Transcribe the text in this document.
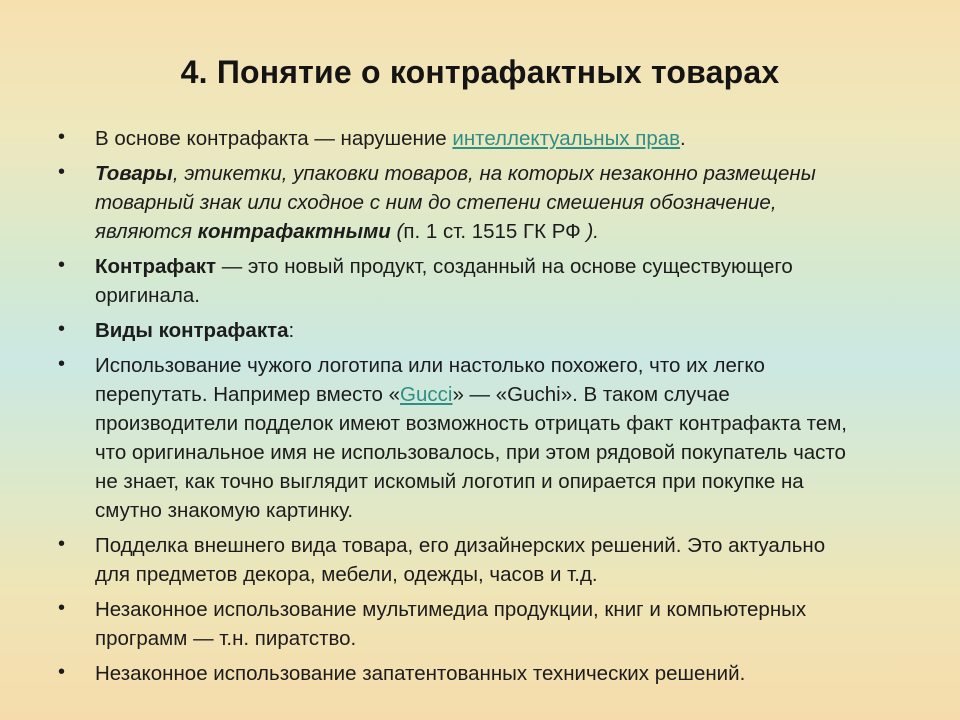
4. Понятие о контрафактных товарах
• В основе контрафакта — нарушение интеллектуальных прав.
• Товары, этикетки, упаковки товаров, на которых незаконно размещены товарный знак или сходное с ним до степени смешения обозначение, являются контрафактными (п. 1 ст. 1515 ГК РФ ).
• Контрафакт — это новый продукт, созданный на основе существующего оригинала.
• Виды контрафакта:
• Использование чужого логотипа или настолько похожего, что их легко перепутать. Например вместо «Gucci» — «Guchi». В таком случае производители подделок имеют возможность отрицать факт контрафакта тем, что оригинальное имя не использовалось, при этом рядовой покупатель часто не знает, как точно выглядит искомый логотип и опирается при покупке на смутно знакомую картинку.
• Подделка внешнего вида товара, его дизайнерских решений. Это актуально для предметов декора, мебели, одежды, часов и т.д.
• Незаконное использование мультимедиа продукции, книг и компьютерных программ — т.н. пиратство.
• Незаконное использование запатентованных технических решений.
